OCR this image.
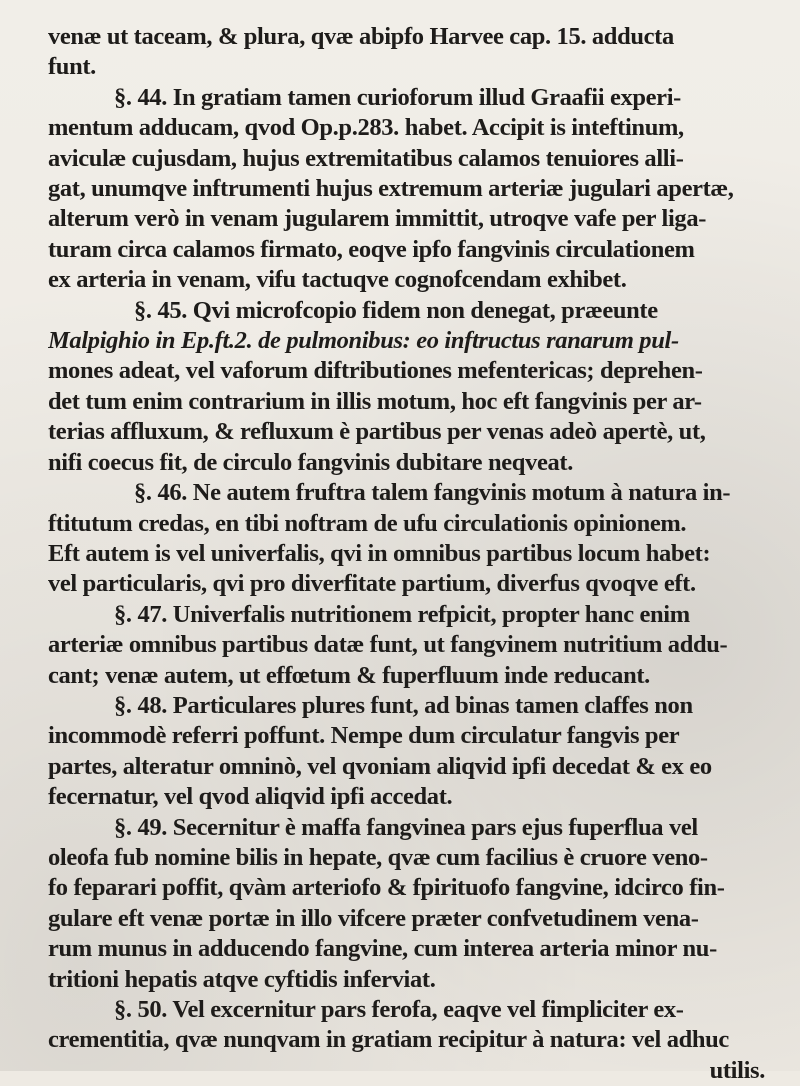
venæ ut taceam, & plura, qvæ abipfo Harvee cap. 15. adducta
funt.
§. 44. In gratiam tamen curioforum illud Graafii experi-
mentum adducam, qvod Op.p.283. habet. Accipit is inteftinum,
aviculæ cujusdam, hujus extremitatibus calamos tenuiores alli-
gat, unumqve inftrumenti hujus extremum arteriæ jugulari apertæ,
alterum verò in venam jugularem immittit, utroqve vafe per liga-
turam circa calamos firmato, eoqve ipfo fangvinis circulationem
ex arteria in venam, vifu tactuqve cognofcendam exhibet.
§. 45. Qvi microfcopio fidem non denegat, præeunte
Malpighio in Ep.ft.2. de pulmonibus: eo inftructus ranarum pul-
mones adeat, vel vaforum diftributiones mefentericas; deprehen-
det tum enim contrarium in illis motum, hoc eft fangvinis per ar-
terias affluxum, & refluxum è partibus per venas adeò apertè, ut,
nifi coecus fit, de circulo fangvinis dubitare neqveat.
§. 46. Ne autem fruftra talem fangvinis motum à natura in-
ftitutum credas, en tibi noftram de ufu circulationis opinionem.
Eft autem is vel univerfalis, qvi in omnibus partibus locum habet:
vel particularis, qvi pro diverfitate partium, diverfus qvoqve eft.
§. 47. Univerfalis nutritionem refpicit, propter hanc enim
arteriæ omnibus partibus datæ funt, ut fangvinem nutritium addu-
cant; venæ autem, ut effœtum & fuperfluum inde reducant.
§. 48. Particulares plures funt, ad binas tamen claffes non
incommodè referri poffunt. Nempe dum circulatur fangvis per
partes, alteratur omninò, vel qvoniam aliqvid ipfi decedat & ex eo
fecernatur, vel qvod aliqvid ipfi accedat.
§. 49. Secernitur è maffa fangvinea pars ejus fuperflua vel
oleofa fub nomine bilis in hepate, qvæ cum facilius è cruore veno-
fo feparari poffit, qvàm arteriofo & fpirituofo fangvine, idcirco fin-
gulare eft venæ portæ in illo vifcere præter confvetudinem vena-
rum munus in adducendo fangvine, cum interea arteria minor nu-
tritioni hepatis atqve cyftidis inferviat.
§. 50. Vel excernitur pars ferofa, eaqve vel fimpliciter ex-
crementitia, qvæ nunqvam in gratiam recipitur à natura: vel adhuc
utilis.
